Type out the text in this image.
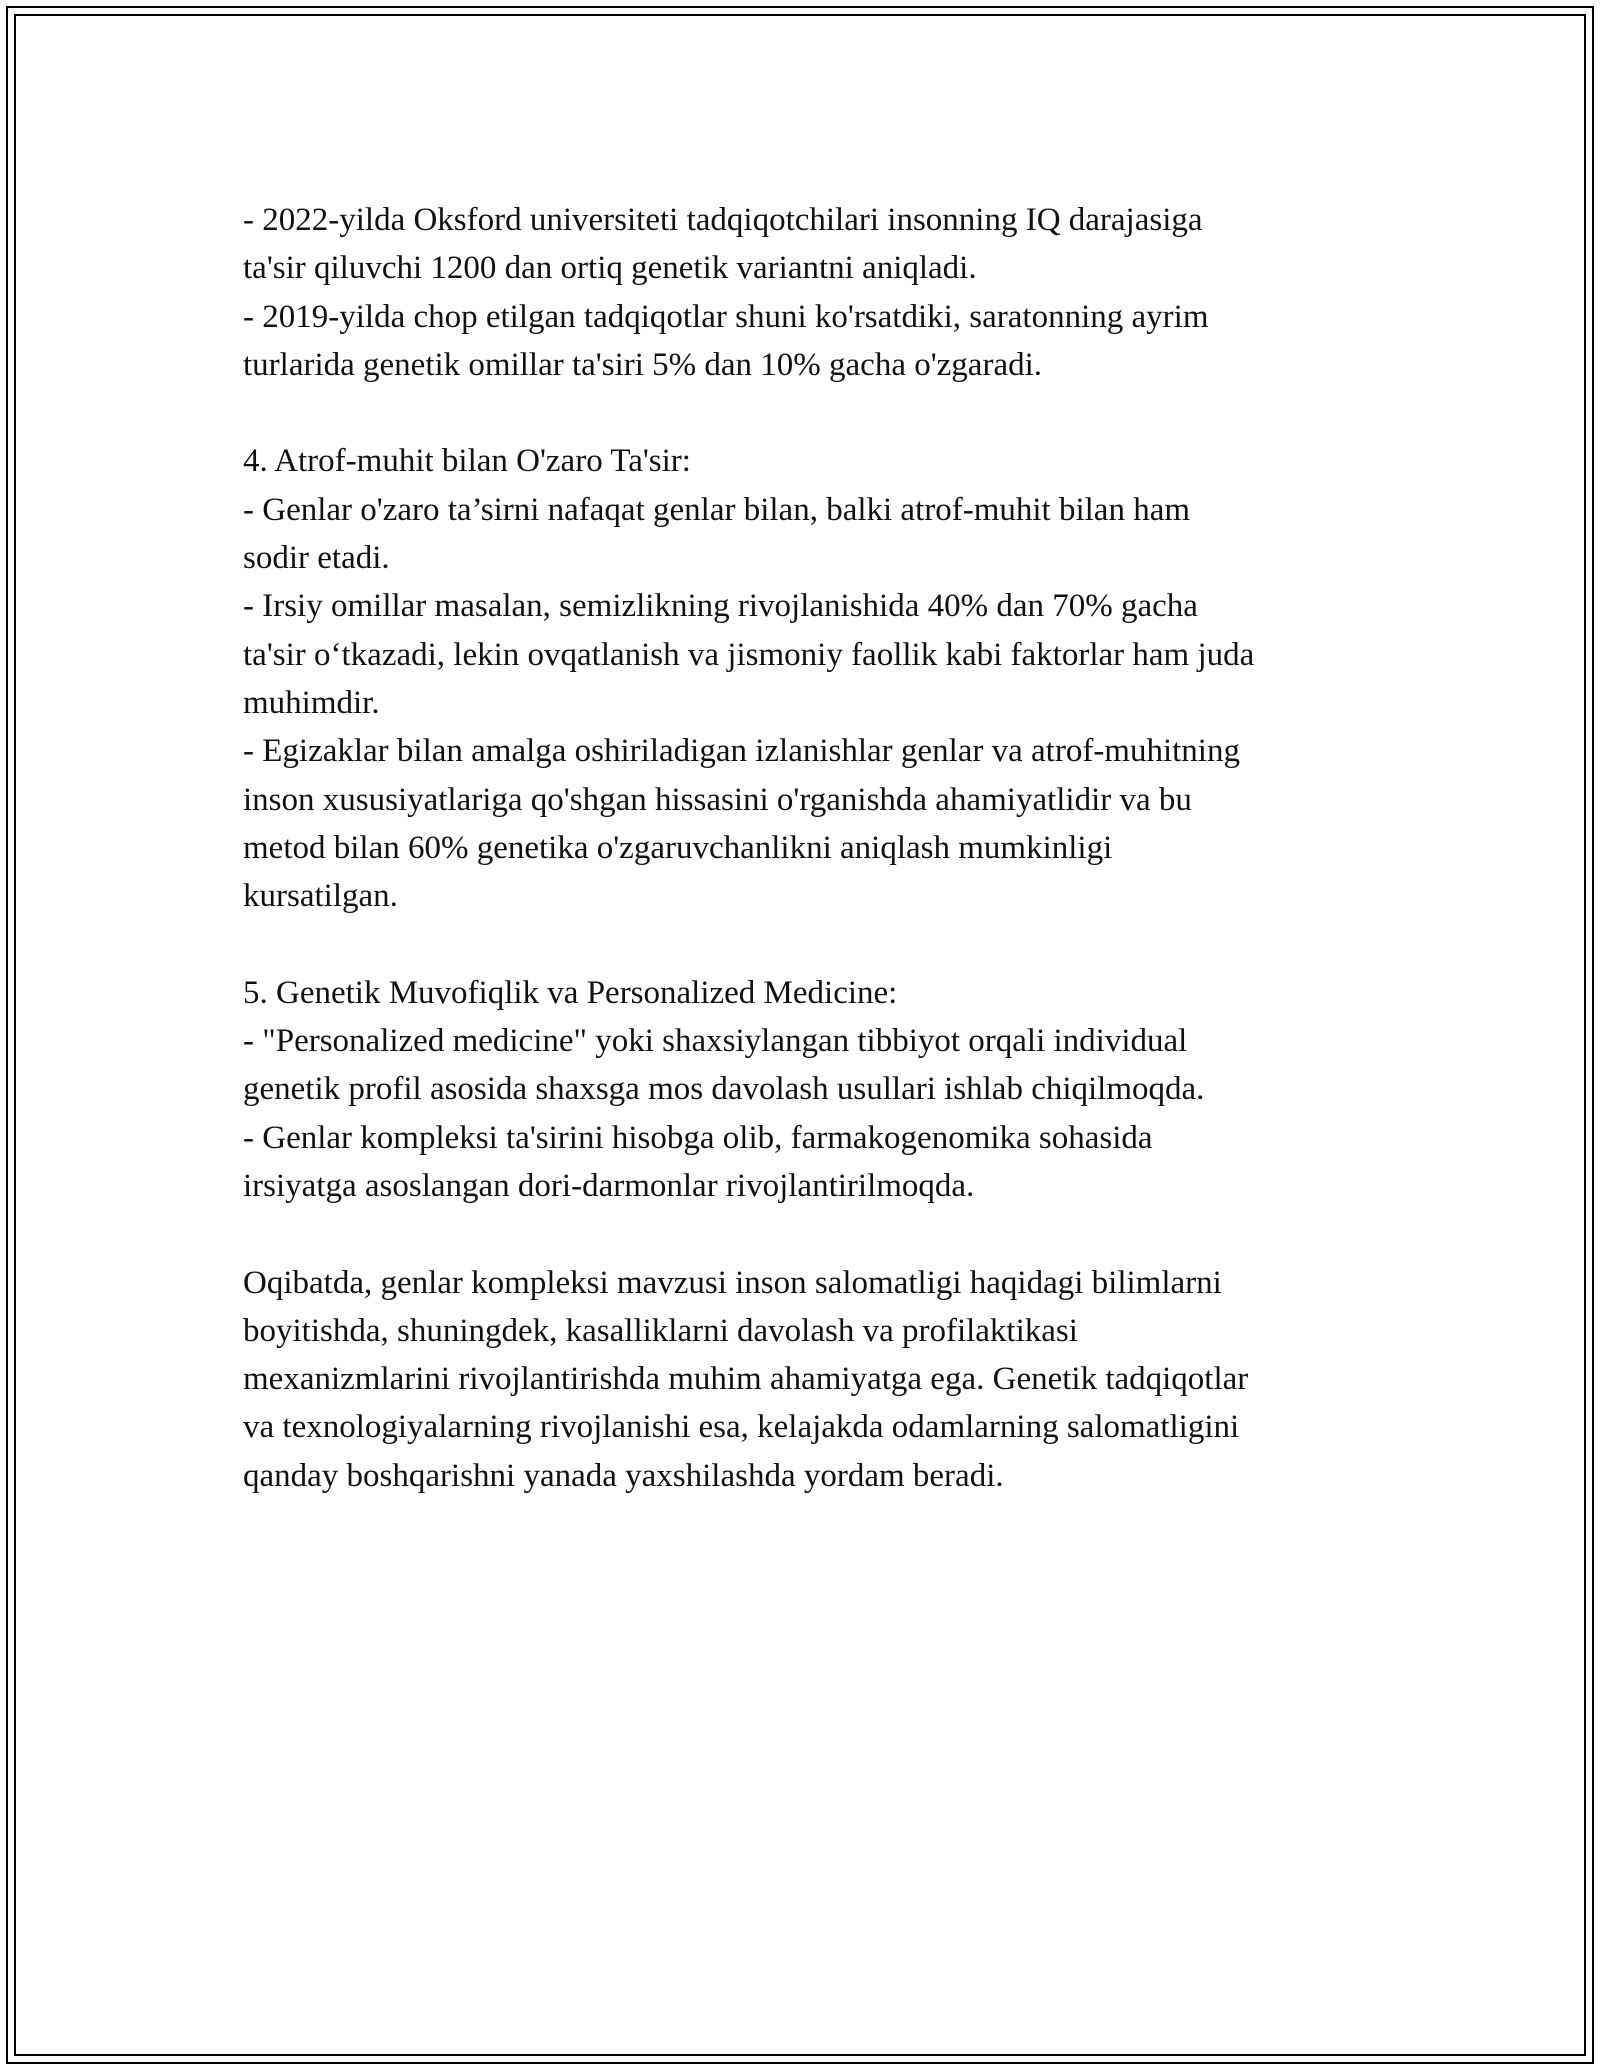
- 2022-yilda Oksford universiteti tadqiqotchilari insonning IQ darajasiga
ta'sir qiluvchi 1200 dan ortiq genetik variantni aniqladi.
- 2019-yilda chop etilgan tadqiqotlar shuni ko'rsatdiki, saratonning ayrim
turlarida genetik omillar ta'siri 5% dan 10% gacha o'zgaradi.
4. Atrof-muhit bilan O'zaro Ta'sir:
- Genlar o'zaro ta’sirni nafaqat genlar bilan, balki atrof-muhit bilan ham
sodir etadi.
- Irsiy omillar masalan, semizlikning rivojlanishida 40% dan 70% gacha
ta'sir o‘tkazadi, lekin ovqatlanish va jismoniy faollik kabi faktorlar ham juda
muhimdir.
- Egizaklar bilan amalga oshiriladigan izlanishlar genlar va atrof-muhitning
inson xususiyatlariga qo'shgan hissasini o'rganishda ahamiyatlidir va bu
metod bilan 60% genetika o'zgaruvchanlikni aniqlash mumkinligi
kursatilgan.
5. Genetik Muvofiqlik va Personalized Medicine:
- "Personalized medicine" yoki shaxsiylangan tibbiyot orqali individual
genetik profil asosida shaxsga mos davolash usullari ishlab chiqilmoqda.
- Genlar kompleksi ta'sirini hisobga olib, farmakogenomika sohasida
irsiyatga asoslangan dori-darmonlar rivojlantirilmoqda.
Oqibatda, genlar kompleksi mavzusi inson salomatligi haqidagi bilimlarni
boyitishda, shuningdek, kasalliklarni davolash va profilaktikasi
mexanizmlarini rivojlantirishda muhim ahamiyatga ega. Genetik tadqiqotlar
va texnologiyalarning rivojlanishi esa, kelajakda odamlarning salomatligini
qanday boshqarishni yanada yaxshilashda yordam beradi.
